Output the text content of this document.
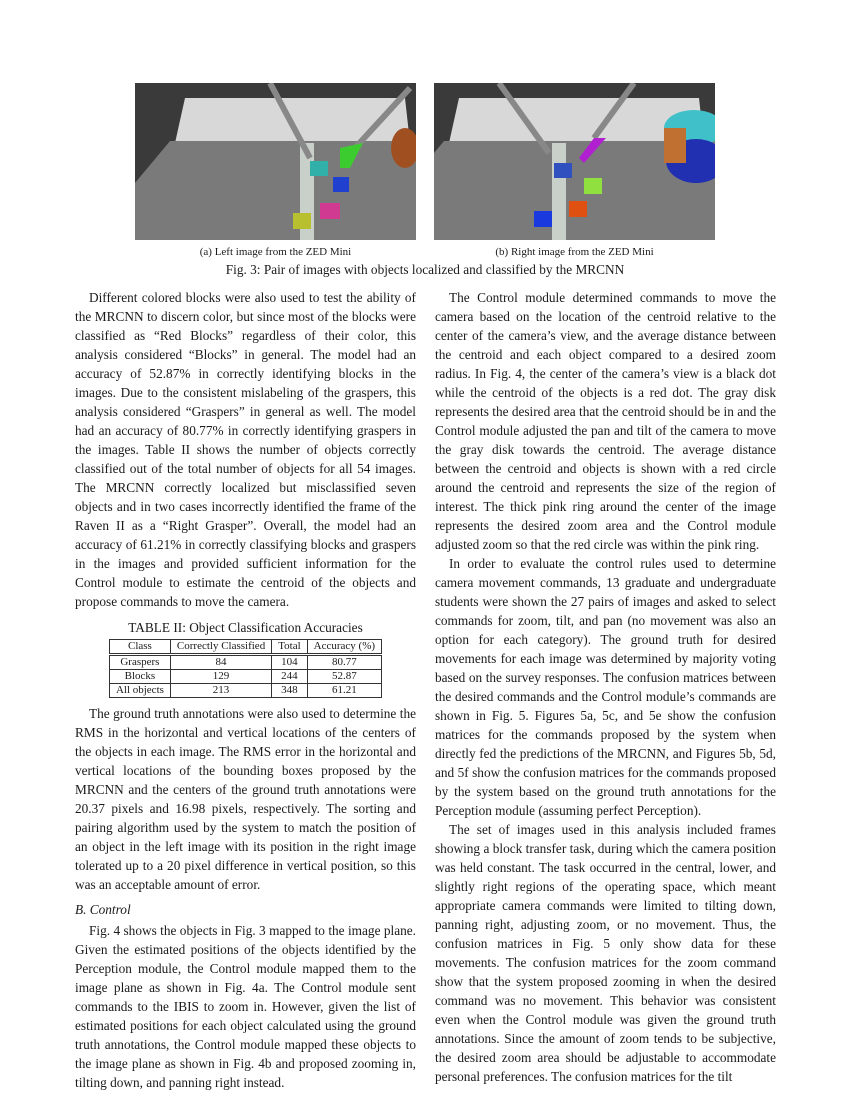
(a) Left image from the ZED Mini	(b) Right image from the ZED Mini
Fig. 3: Pair of images with objects localized and classified by the MRCNN

Different colored blocks were also used to test the ability of the MRCNN to discern color, but since most of the blocks were classified as “Red Blocks” regardless of their color, this analysis considered “Blocks” in general. The model had an accuracy of 52.87% in correctly identifying blocks in the images. Due to the consistent mislabeling of the graspers, this analysis considered “Graspers” in general as well. The model had an accuracy of 80.77% in correctly identifying graspers in the images. Table II shows the number of objects correctly classified out of the total number of objects for all 54 images. The MRCNN correctly localized but misclassified seven objects and in two cases incorrectly identified the frame of the Raven II as a “Right Grasper”. Overall, the model had an accuracy of 61.21% in correctly classifying blocks and graspers in the images and provided sufficient information for the Control module to estimate the centroid of the objects and propose commands to move the camera.

TABLE II: Object Classification Accuracies
Class	Correctly Classified	Total	Accuracy (%)
Graspers	84	104	80.77
Blocks	129	244	52.87
All objects	213	348	61.21

The ground truth annotations were also used to determine the RMS in the horizontal and vertical locations of the centers of the objects in each image. The RMS error in the horizontal and vertical locations of the bounding boxes proposed by the MRCNN and the centers of the ground truth annotations were 20.37 pixels and 16.98 pixels, respectively. The sorting and pairing algorithm used by the system to match the position of an object in the left image with its position in the right image tolerated up to a 20 pixel difference in vertical position, so this was an acceptable amount of error.

B. Control

Fig. 4 shows the objects in Fig. 3 mapped to the image plane. Given the estimated positions of the objects identified by the Perception module, the Control module mapped them to the image plane as shown in Fig. 4a. The Control module sent commands to the IBIS to zoom in. However, given the list of estimated positions for each object calculated using the ground truth annotations, the Control module mapped these objects to the image plane as shown in Fig. 4b and proposed zooming in, tilting down, and panning right instead.

The Control module determined commands to move the camera based on the location of the centroid relative to the center of the camera’s view, and the average distance between the centroid and each object compared to a desired zoom radius. In Fig. 4, the center of the camera’s view is a black dot while the centroid of the objects is a red dot. The gray disk represents the desired area that the centroid should be in and the Control module adjusted the pan and tilt of the camera to move the gray disk towards the centroid. The average distance between the centroid and objects is shown with a red circle around the centroid and represents the size of the region of interest. The thick pink ring around the center of the image represents the desired zoom area and the Control module adjusted zoom so that the red circle was within the pink ring.

In order to evaluate the control rules used to determine camera movement commands, 13 graduate and undergraduate students were shown the 27 pairs of images and asked to select commands for zoom, tilt, and pan (no movement was also an option for each category). The ground truth for desired movements for each image was determined by majority voting based on the survey responses. The confusion matrices between the desired commands and the Control module’s commands are shown in Fig. 5. Figures 5a, 5c, and 5e show the confusion matrices for the commands proposed by the system when directly fed the predictions of the MRCNN, and Figures 5b, 5d, and 5f show the confusion matrices for the commands proposed by the system based on the ground truth annotations for the Perception module (assuming perfect Perception).

The set of images used in this analysis included frames showing a block transfer task, during which the camera position was held constant. The task occurred in the central, lower, and slightly right regions of the operating space, which meant appropriate camera commands were limited to tilting down, panning right, adjusting zoom, or no movement. Thus, the confusion matrices in Fig. 5 only show data for these movements. The confusion matrices for the zoom command show that the system proposed zooming in when the desired command was no movement. This behavior was consistent even when the Control module was given the ground truth annotations. Since the amount of zoom tends to be subjective, the desired zoom area should be adjustable to accommodate personal preferences. The confusion matrices for the tilt
